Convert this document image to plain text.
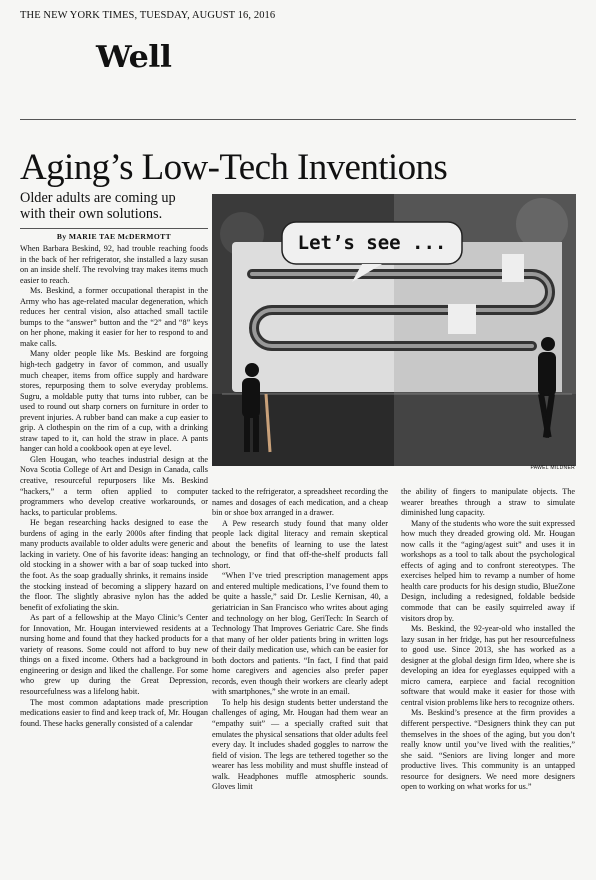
THE NEW YORK TIMES, TUESDAY, AUGUST 16, 2016
Well
Aging’s Low-Tech Inventions
Older adults are coming up with their own solutions.
By MARIE TAE McDERMOTT

When Barbara Beskind, 92, had trouble reaching foods in the back of her refrigerator, she installed a lazy susan on an inside shelf. The revolving tray makes items much easier to reach.

Ms. Beskind, a former occupational therapist in the Army who has age-related macular degeneration, which reduces her central vision, also attached small tactile bumps to the “answer” button and the “2” and “8” keys on her phone, making it easier for her to respond to and make calls.

Many older people like Ms. Beskind are forgoing high-tech gadgetry in favor of common, and usually much cheaper, items from office supply and hardware stores, repurposing them to solve everyday problems. Sugru, a moldable putty that turns into rubber, can be used to round out sharp corners on furniture in order to prevent injuries. A rubber band can make a cup easier to grip. A clothespin on the rim of a cup, with a drinking straw taped to it, can hold the straw in place. A pants hanger can hold a cookbook open at eye level.

Glen Hougan, who teaches industrial design at the Nova Scotia College of Art and Design in Canada, calls creative, resourceful repurposers like Ms. Beskind “hackers,” a term often applied to computer programmers who develop creative workarounds, or hacks, to particular problems.

He began researching hacks designed to ease the burdens of aging in the early 2000s after finding that many products available to older adults were generic and lacking in variety. One of his favorite ideas: hanging an old stocking in a shower with a bar of soap tucked into the foot. As the soap gradually shrinks, it remains inside the stocking instead of becoming a slippery hazard on the floor. The slightly abrasive nylon has the added benefit of exfoliating the skin.

As part of a fellowship at the Mayo Clinic’s Center for Innovation, Mr. Hougan interviewed residents at a nursing home and found that they hacked products for a variety of reasons. Some could not afford to buy new things on a fixed income. Others had a background in engineering or design and liked the challenge. For some who grew up during the Great Depression, resourcefulness was a lifelong habit.

The most common adaptations made prescription medications easier to find and keep track of, Mr. Hougan found. These hacks generally consisted of a calendar

Let’s see ...
PAWEL MILDNER

tacked to the refrigerator, a spreadsheet recording the names and dosages of each medication, and a cheap bin or shoe box arranged in a drawer.

A Pew research study found that many older people lack digital literacy and remain skeptical about the benefits of learning to use the latest technology, or find that off-the-shelf products fall short.

“When I’ve tried prescription management apps and entered multiple medications, I’ve found them to be quite a hassle,” said Dr. Leslie Kernisan, 40, a geriatrician in San Francisco who writes about aging and technology on her blog, GeriTech: In Search of Technology That Improves Geriatric Care. She finds that many of her older patients bring in written logs of their daily medication use, which can be easier for both doctors and patients. “In fact, I find that paid home caregivers and agencies also prefer paper records, even though their workers are clearly adept with smartphones,” she wrote in an email.

To help his design students better understand the challenges of aging, Mr. Hougan had them wear an “empathy suit” — a specially crafted suit that emulates the physical sensations that older adults feel every day. It includes shaded goggles to narrow the field of vision. The legs are tethered together so the wearer has less mobility and must shuffle instead of walk. Headphones muffle atmospheric sounds. Gloves limit

the ability of fingers to manipulate objects. The wearer breathes through a straw to simulate diminished lung capacity.

Many of the students who wore the suit expressed how much they dreaded growing old. Mr. Hougan now calls it the “aging/agest suit” and uses it in workshops as a tool to talk about the psychological effects of aging and to confront stereotypes. The exercises helped him to revamp a number of home health care products for his design studio, BlueZone Design, including a redesigned, foldable bedside commode that can be easily squirreled away if visitors drop by.

Ms. Beskind, the 92-year-old who installed the lazy susan in her fridge, has put her resourcefulness to good use. Since 2013, she has worked as a designer at the global design firm Ideo, where she is developing an idea for eyeglasses equipped with a micro camera, earpiece and facial recognition software that would make it easier for those with central vision problems like hers to recognize others.

Ms. Beskind’s presence at the firm provides a different perspective. “Designers think they can put themselves in the shoes of the aging, but you don’t really know until you’ve lived with the realities,” she said. “Seniors are living longer and more productive lives. This community is an untapped resource for designers. We need more designers open to working on what works for us.”
